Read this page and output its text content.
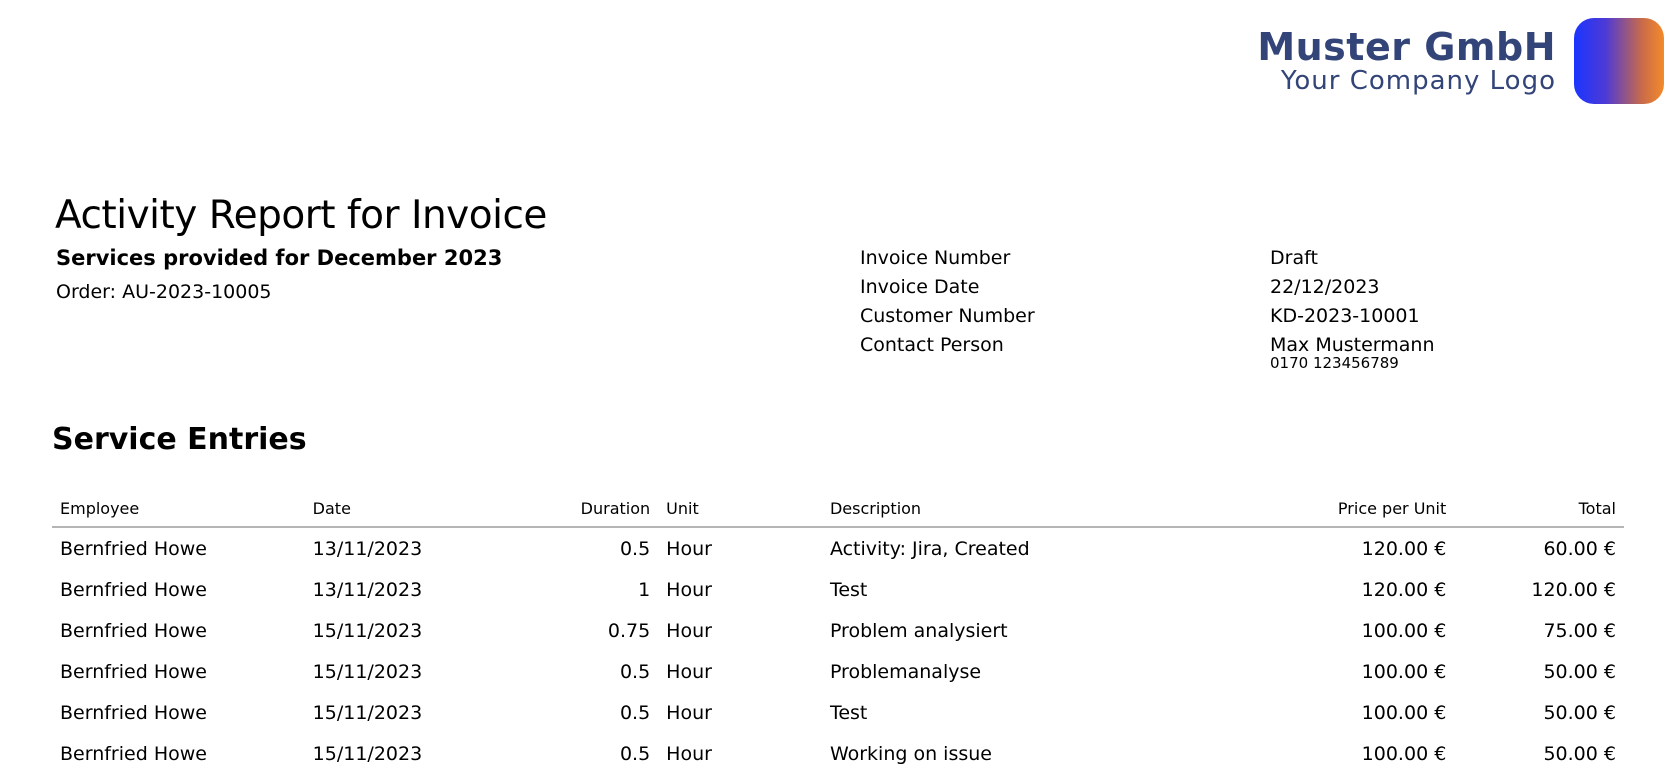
Muster GmbH
Your Company Logo
Activity Report for Invoice
Services provided for December 2023
Order: AU-2023-10005
Invoice Number	Draft
Invoice Date	22/12/2023
Customer Number	KD-2023-10001
Contact Person	Max Mustermann
0170 123456789
Service Entries
Employee	Date	Duration	Unit	Description	Price per Unit	Total
Bernfried Howe	13/11/2023	0.5	Hour	Activity: Jira, Created	120.00 €	60.00 €
Bernfried Howe	13/11/2023	1	Hour	Test	120.00 €	120.00 €
Bernfried Howe	15/11/2023	0.75	Hour	Problem analysiert	100.00 €	75.00 €
Bernfried Howe	15/11/2023	0.5	Hour	Problemanalyse	100.00 €	50.00 €
Bernfried Howe	15/11/2023	0.5	Hour	Test	100.00 €	50.00 €
Bernfried Howe	15/11/2023	0.5	Hour	Working on issue	100.00 €	50.00 €
